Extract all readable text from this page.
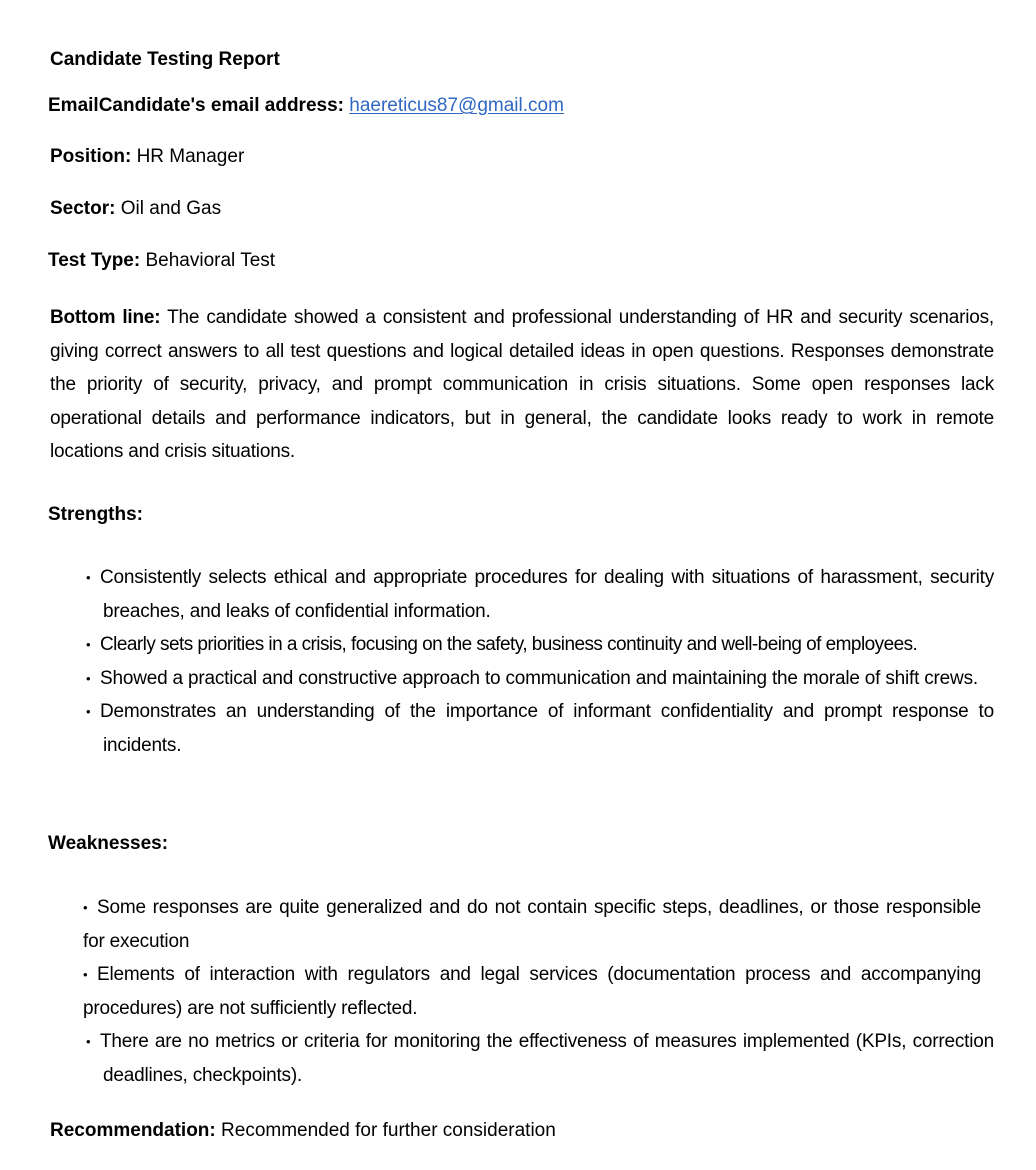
Candidate Testing Report
EmailCandidate's email address: haereticus87@gmail.com
Position: HR Manager
Sector: Oil and Gas
Test Type: Behavioral Test
Bottom line: The candidate showed a consistent and professional understanding of HR and security scenarios, giving correct answers to all test questions and logical detailed ideas in open questions. Responses demonstrate the priority of security, privacy, and prompt communication in crisis situations. Some open responses lack operational details and performance indicators, but in general, the candidate looks ready to work in remote locations and crisis situations.
Strengths:
• Consistently selects ethical and appropriate procedures for dealing with situations of harassment, security breaches, and leaks of confidential information.
• Clearly sets priorities in a crisis, focusing on the safety, business continuity and well-being of employees.
• Showed a practical and constructive approach to communication and maintaining the morale of shift crews.
• Demonstrates an understanding of the importance of informant confidentiality and prompt response to incidents.
Weaknesses:
• Some responses are quite generalized and do not contain specific steps, deadlines, or those responsible for execution
• Elements of interaction with regulators and legal services (documentation process and accompanying procedures) are not sufficiently reflected.
• There are no metrics or criteria for monitoring the effectiveness of measures implemented (KPIs, correction deadlines, checkpoints).
Recommendation: Recommended for further consideration
